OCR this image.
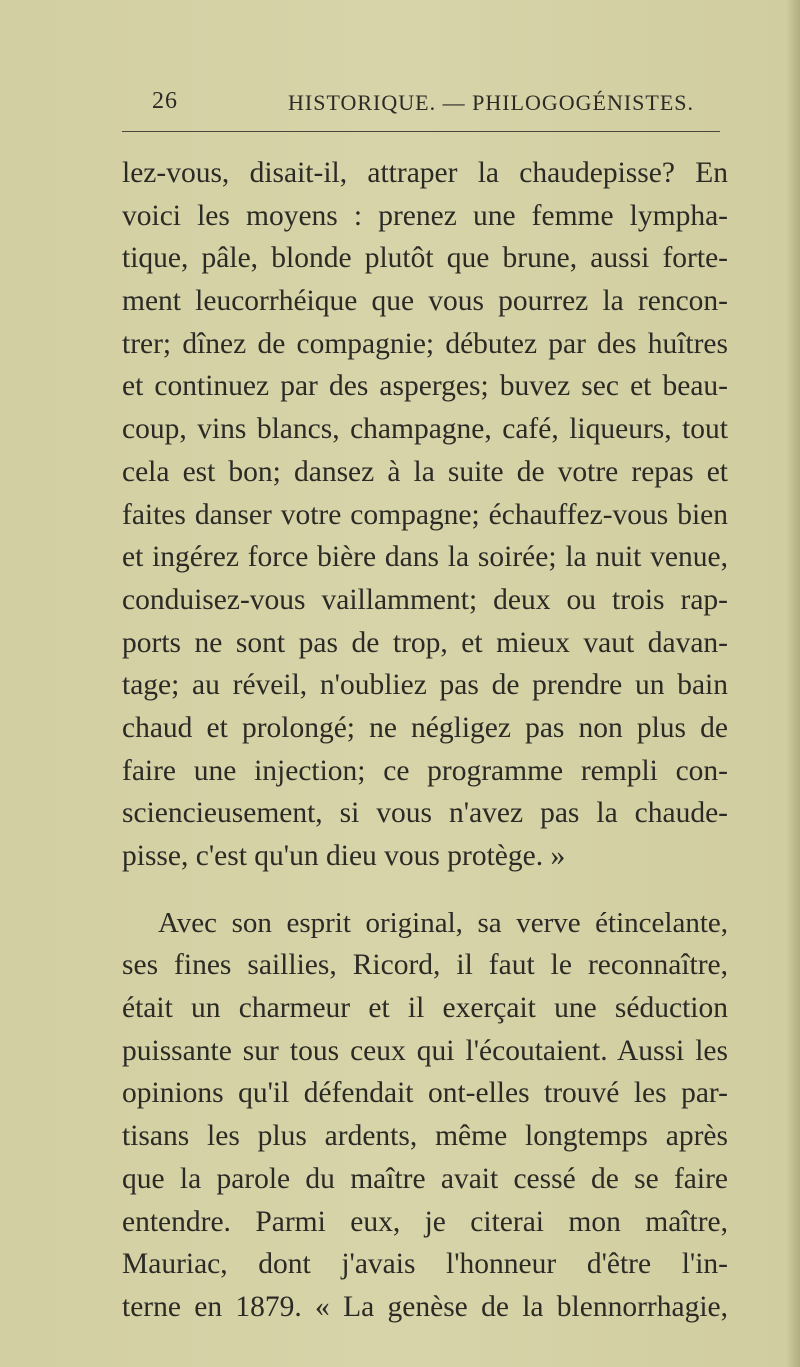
26	HISTORIQUE. — PHILOGOGÉNISTES.
lez-vous, disait-il, attraper la chaudepisse? En
voici les moyens : prenez une femme lympha-
tique, pâle, blonde plutôt que brune, aussi forte-
ment leucorrhéique que vous pourrez la rencon-
trer; dînez de compagnie; débutez par des huîtres
et continuez par des asperges; buvez sec et beau-
coup, vins blancs, champagne, café, liqueurs, tout
cela est bon; dansez à la suite de votre repas et
faites danser votre compagne; échauffez-vous bien
et ingérez force bière dans la soirée; la nuit venue,
conduisez-vous vaillamment; deux ou trois rap-
ports ne sont pas de trop, et mieux vaut davan-
tage; au réveil, n'oubliez pas de prendre un bain
chaud et prolongé; ne négligez pas non plus de
faire une injection; ce programme rempli con-
sciencieusement, si vous n'avez pas la chaude-
pisse, c'est qu'un dieu vous protège. »
Avec son esprit original, sa verve étincelante,
ses fines saillies, Ricord, il faut le reconnaître,
était un charmeur et il exerçait une séduction
puissante sur tous ceux qui l'écoutaient. Aussi les
opinions qu'il défendait ont-elles trouvé les par-
tisans les plus ardents, même longtemps après
que la parole du maître avait cessé de se faire
entendre. Parmi eux, je citerai mon maître,
Mauriac, dont j'avais l'honneur d'être l'in-
terne en 1879. « La genèse de la blennorrhagie,
